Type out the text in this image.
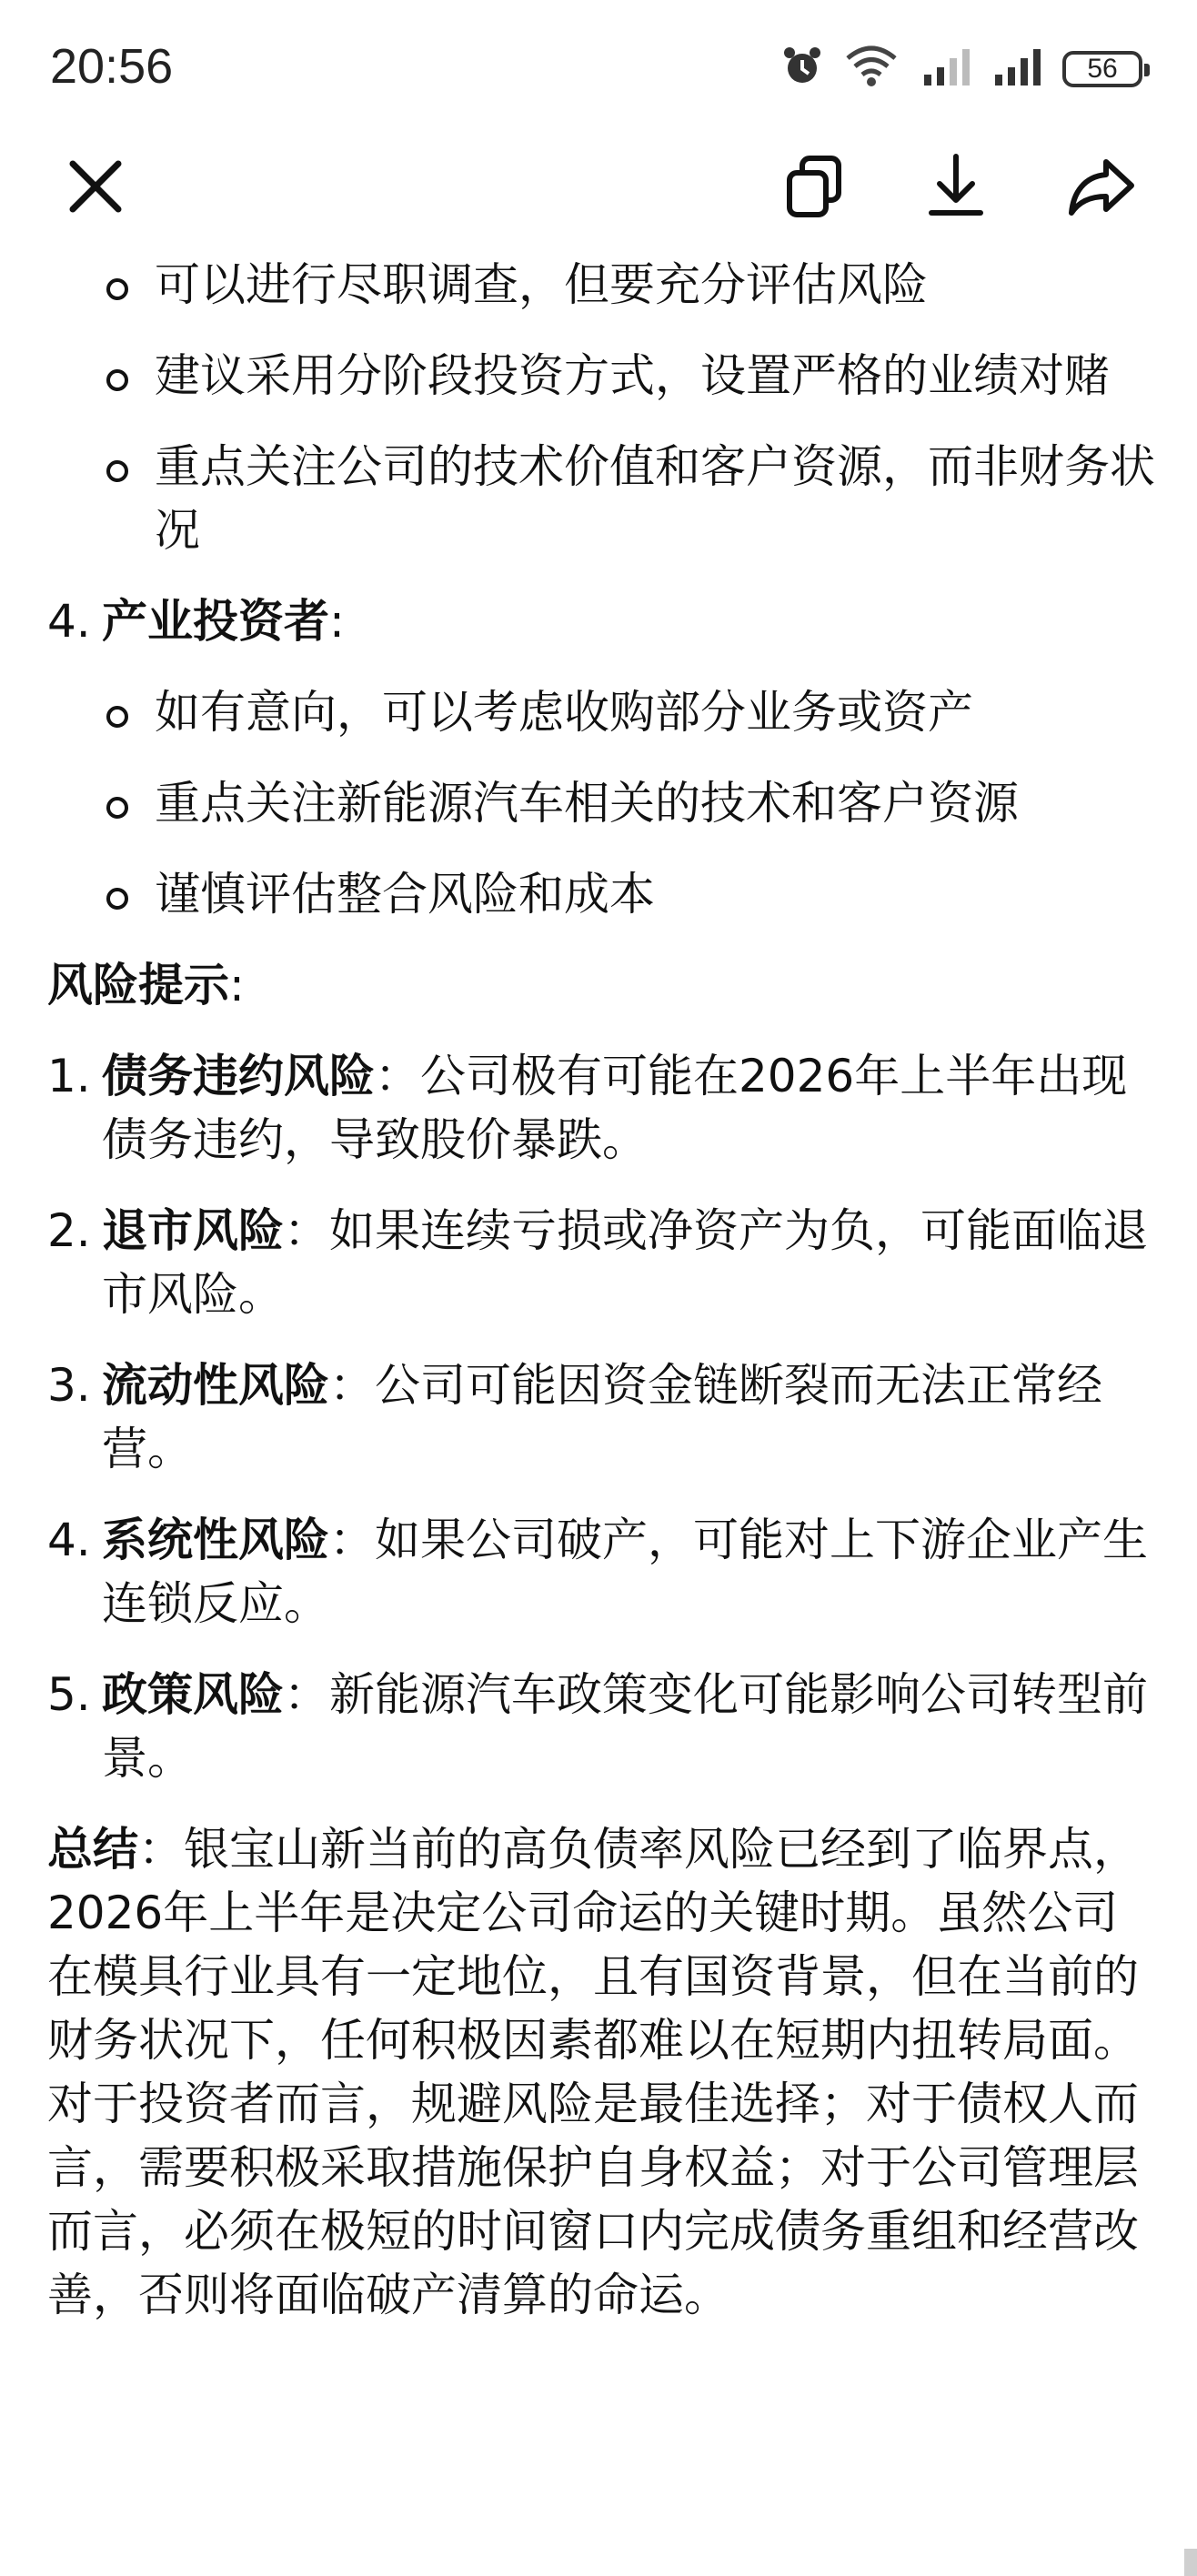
20:56	56
可以进行尽职调查，但要充分评估风险
建议采用分阶段投资方式，设置严格的业绩对赌
重点关注公司的技术价值和客户资源，而非财务状况
4. 产业投资者:
如有意向，可以考虑收购部分业务或资产
重点关注新能源汽车相关的技术和客户资源
谨慎评估整合风险和成本

风险提示:

1. 债务违约风险：公司极有可能在2026年上半年出现债务违约，导致股价暴跌。
2. 退市风险：如果连续亏损或净资产为负，可能面临退市风险。
3. 流动性风险：公司可能因资金链断裂而无法正常经营。
4. 系统性风险：如果公司破产，可能对上下游企业产生连锁反应。
5. 政策风险：新能源汽车政策变化可能影响公司转型前景。

总结：银宝山新当前的高负债率风险已经到了临界点，2026年上半年是决定公司命运的关键时期。虽然公司在模具行业具有一定地位，且有国资背景，但在当前的财务状况下，任何积极因素都难以在短期内扭转局面。对于投资者而言，规避风险是最佳选择；对于债权人而言，需要积极采取措施保护自身权益；对于公司管理层而言，必须在极短的时间窗口内完成债务重组和经营改善，否则将面临破产清算的命运。
